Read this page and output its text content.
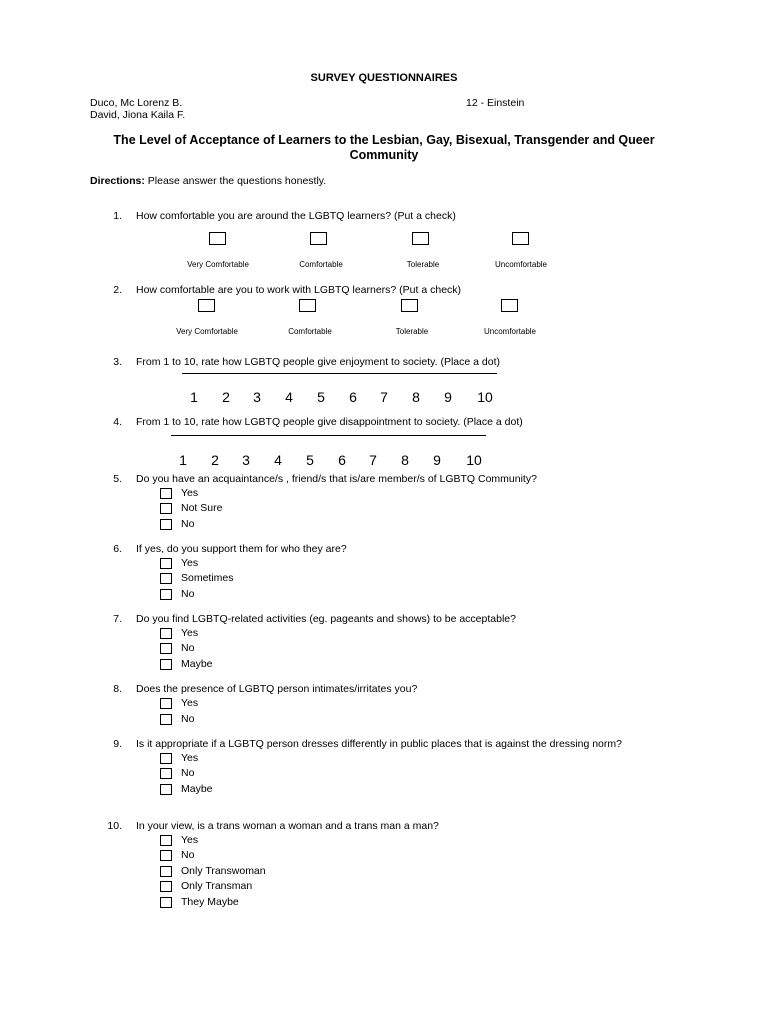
SURVEY QUESTIONNAIRES
Duco, Mc Lorenz B.
David, Jiona Kaila F.
12 - Einstein
The Level of Acceptance of Learners to the Lesbian, Gay, Bisexual, Transgender and Queer Community
Directions: Please answer the questions honestly.
1. How comfortable you are around the LGBTQ learners? (Put a check)
Very Comfortable	Comfortable	Tolerable	Uncomfortable
2. How comfortable are you to work with LGBTQ learners? (Put a check)
Very Comfortable	Comfortable	Tolerable	Uncomfortable
3. From 1 to 10, rate how LGBTQ people give enjoyment to society. (Place a dot)
1	2	3	4	5	6	7	8	9	10
4. From 1 to 10, rate how LGBTQ people give disappointment to society. (Place a dot)
1	2	3	4	5	6	7	8	9	10
5. Do you have an acquaintance/s , friend/s that is/are member/s of LGBTQ Community?
Yes
Not Sure
No
6. If yes, do you support them for who they are?
Yes
Sometimes
No
7. Do you find LGBTQ-related activities (eg. pageants and shows) to be acceptable?
Yes
No
Maybe
8. Does the presence of LGBTQ person intimates/irritates you?
Yes
No
9. Is it appropriate if a LGBTQ person dresses differently in public places that is against the dressing norm?
Yes
No
Maybe
10. In your view, is a trans woman a woman and a trans man a man?
Yes
No
Only Transwoman
Only Transman
They Maybe
